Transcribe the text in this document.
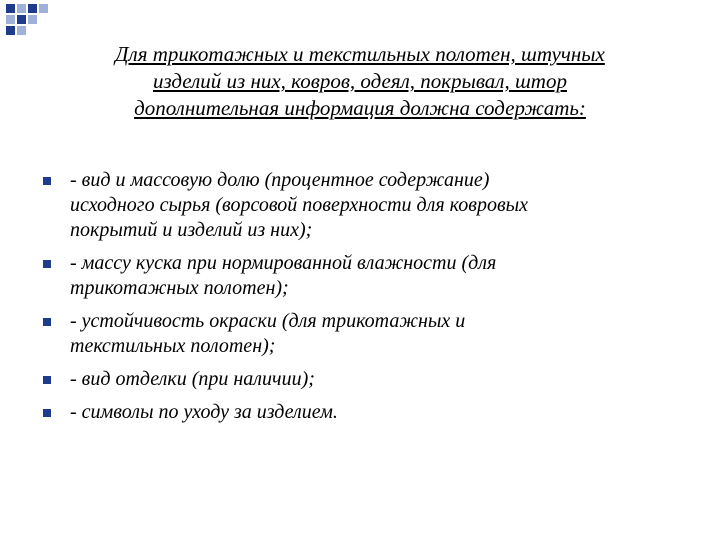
Для трикотажных и текстильных полотен, штучных
изделий из них, ковров, одеял, покрывал, штор
дополнительная информация должна содержать:
- вид и массовую долю (процентное содержание)
исходного сырья (ворсовой поверхности для ковровых
покрытий и изделий из них);
- массу куска при нормированной влажности (для
трикотажных полотен);
- устойчивость окраски (для трикотажных и
текстильных полотен);
- вид отделки (при наличии);
- символы по уходу за изделием.
